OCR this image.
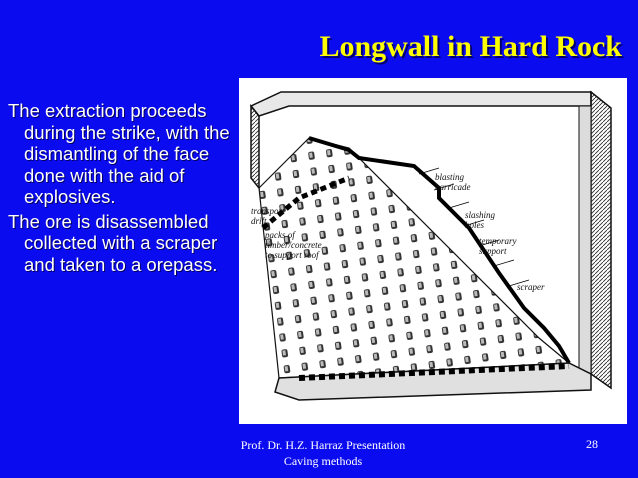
Longwall in Hard Rock
The extraction proceeds during the strike, with the dismantling of the face done with the aid of explosives.
The ore is disassembled collected with a scraper and taken to a orepass.
blasting
barricade
slashing
holes
temporary
support
transport
drift
packs of
timber/concrete
to support roof
scraper
Prof. Dr. H.Z. Harraz Presentation
Caving methods
28
